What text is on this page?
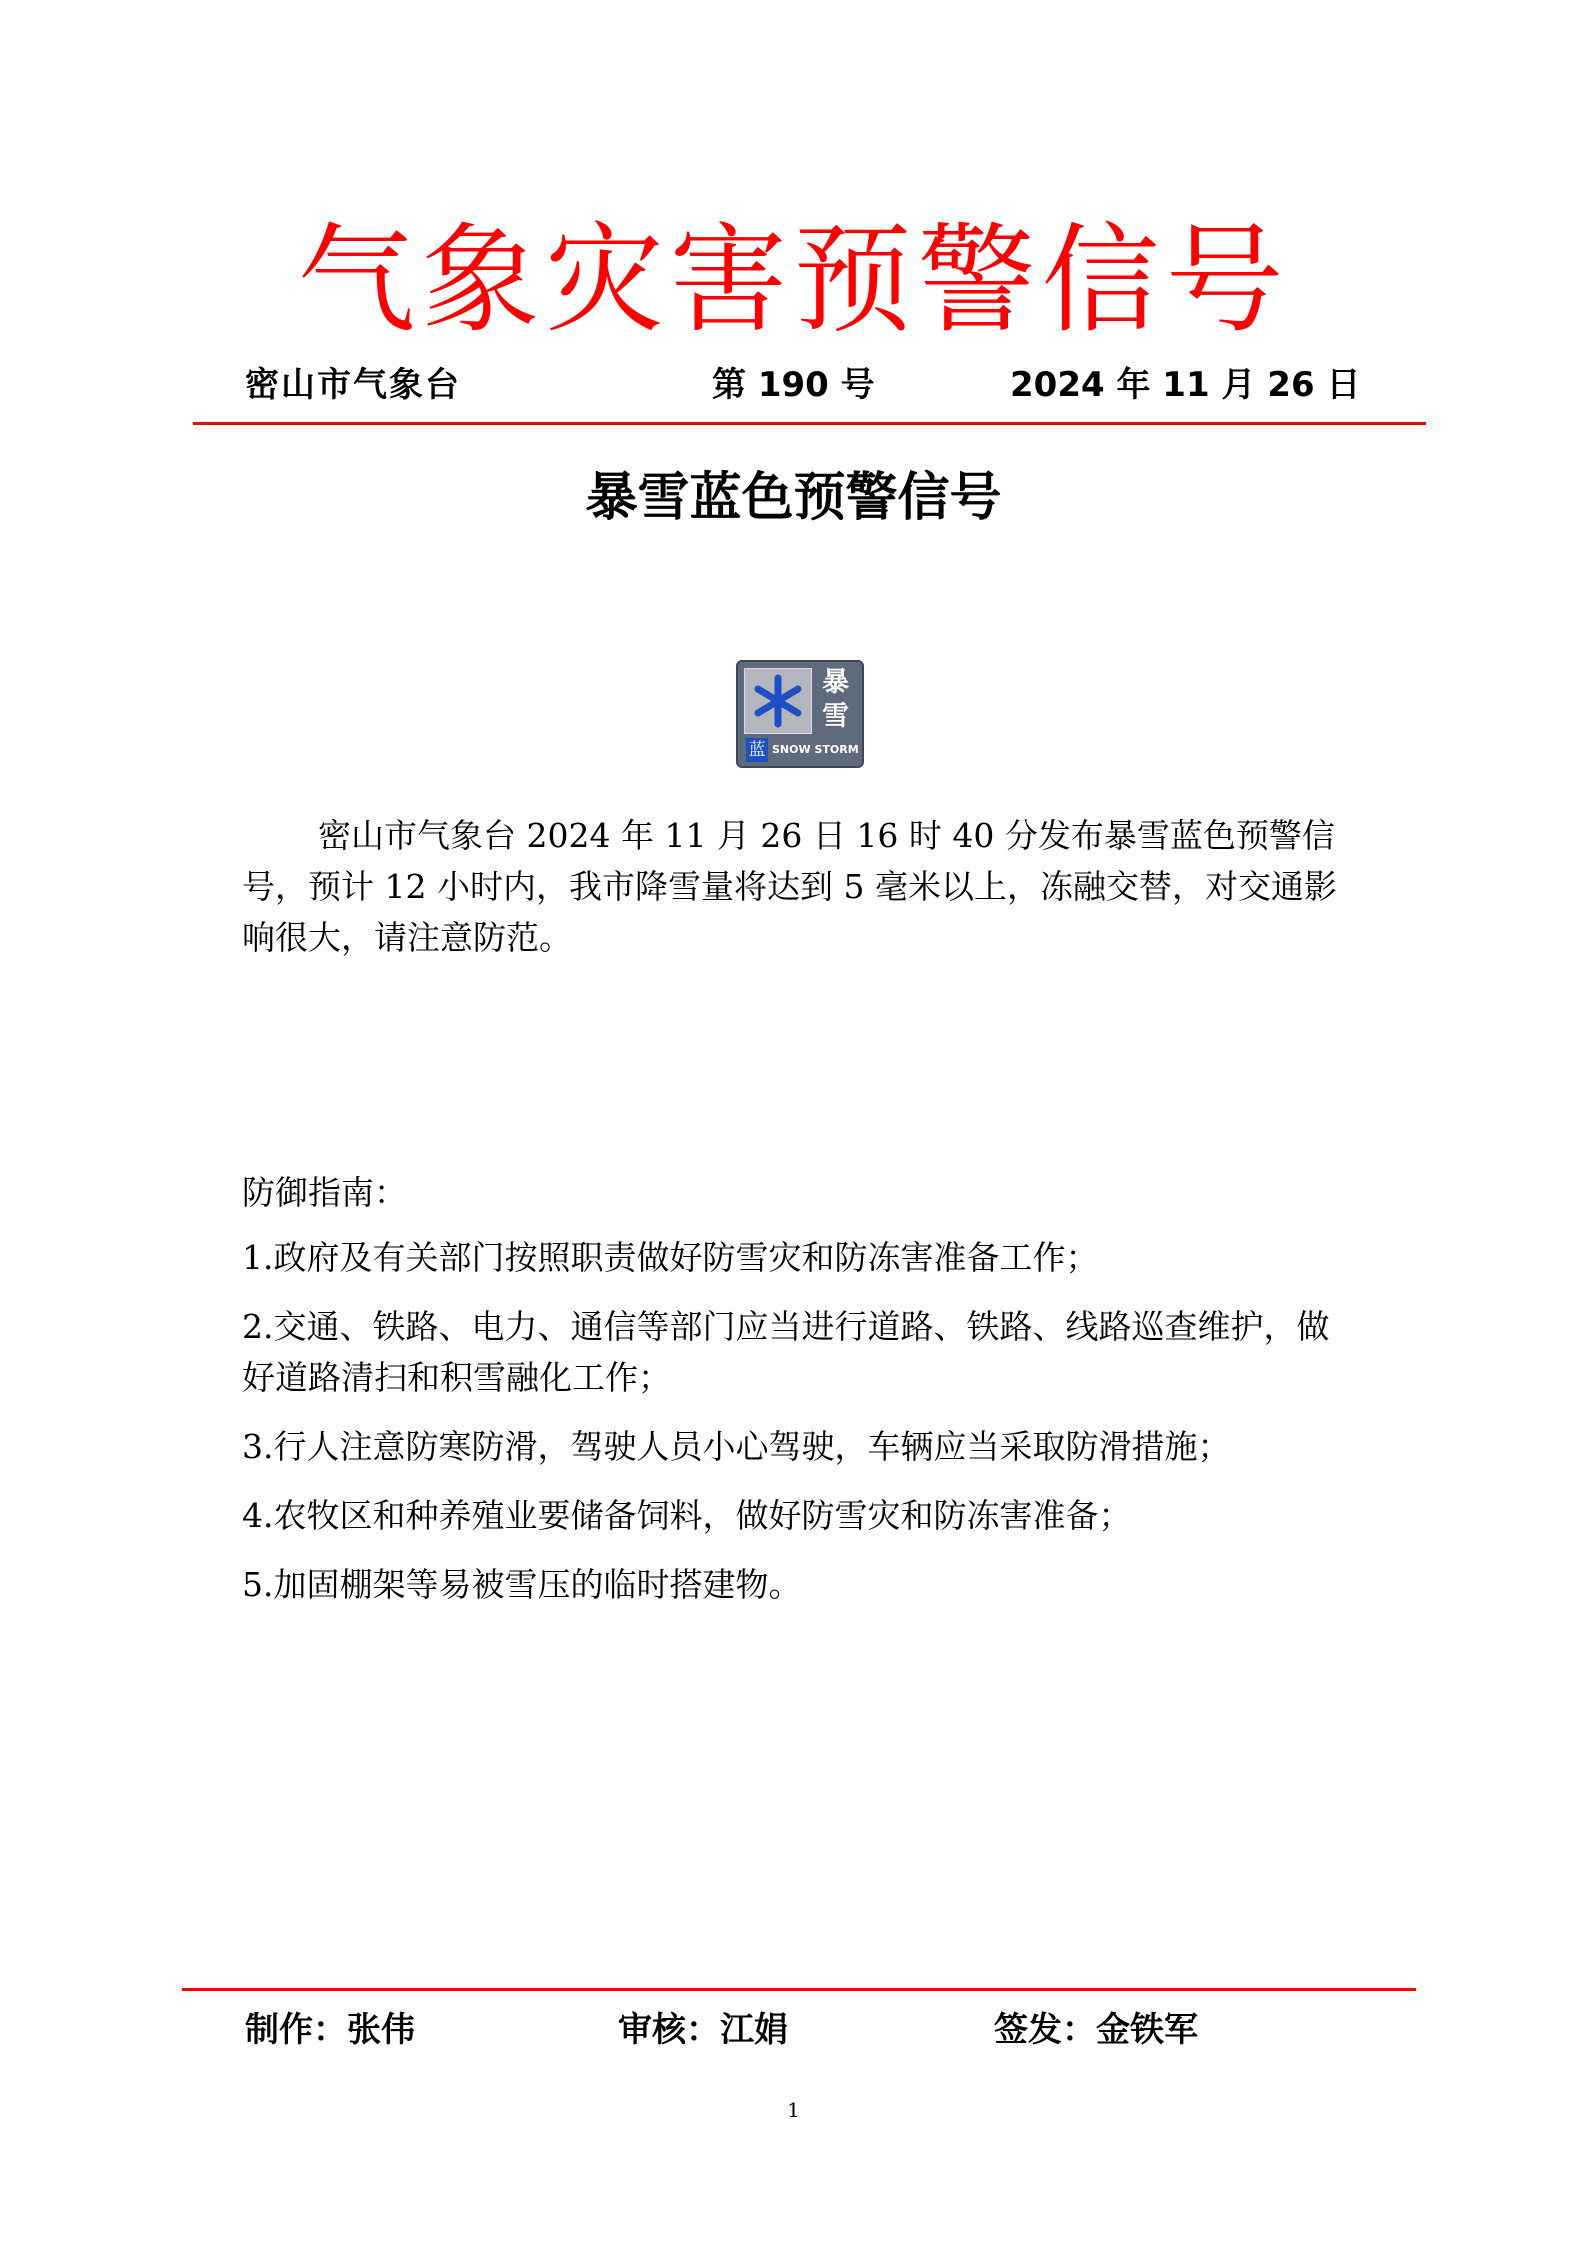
气象灾害预警信号
密山市气象台	第 190 号	2024 年 11 月 26 日
暴雪蓝色预警信号
暴
雪
蓝 SNOW STORM
密山市气象台 2024 年 11 月 26 日 16 时 40 分发布暴雪蓝色预警信号，预计 12 小时内，我市降雪量将达到 5 毫米以上，冻融交替，对交通影响很大，请注意防范。
防御指南：
1.政府及有关部门按照职责做好防雪灾和防冻害准备工作；
2.交通、铁路、电力、通信等部门应当进行道路、铁路、线路巡查维护，做好道路清扫和积雪融化工作；
3.行人注意防寒防滑，驾驶人员小心驾驶，车辆应当采取防滑措施；
4.农牧区和种养殖业要储备饲料，做好防雪灾和防冻害准备；
5.加固棚架等易被雪压的临时搭建物。
制作：张伟	审核：江娟	签发：金铁军
1
